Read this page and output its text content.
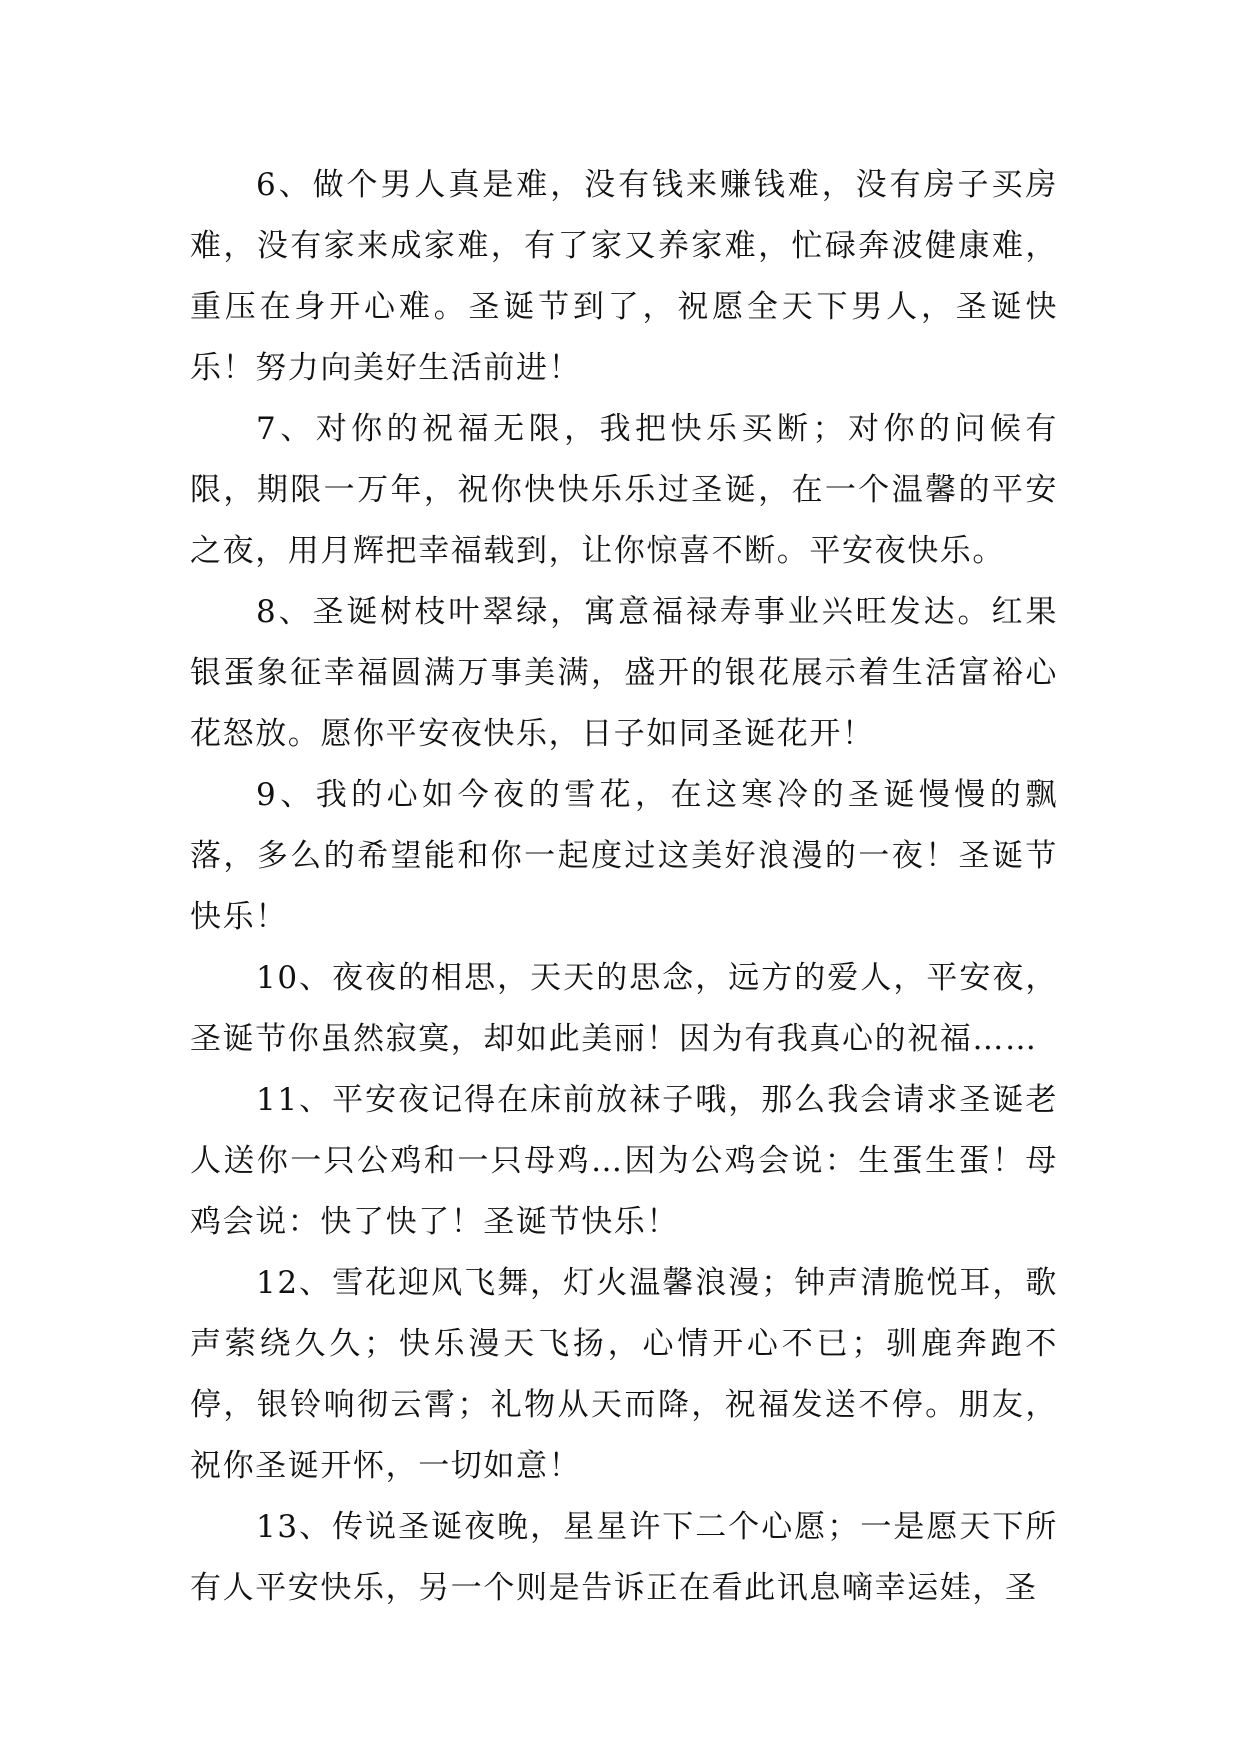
6、做个男人真是难，没有钱来赚钱难，没有房子买房难，没有家来成家难，有了家又养家难，忙碌奔波健康难，重压在身开心难。圣诞节到了，祝愿全天下男人，圣诞快乐！努力向美好生活前进！

7、对你的祝福无限，我把快乐买断；对你的问候有限，期限一万年，祝你快快乐乐过圣诞，在一个温馨的平安之夜，用月辉把幸福载到，让你惊喜不断。平安夜快乐。

8、圣诞树枝叶翠绿，寓意福禄寿事业兴旺发达。红果银蛋象征幸福圆满万事美满，盛开的银花展示着生活富裕心花怒放。愿你平安夜快乐，日子如同圣诞花开！

9、我的心如今夜的雪花，在这寒冷的圣诞慢慢的飘落，多么的希望能和你一起度过这美好浪漫的一夜！圣诞节快乐！

10、夜夜的相思，天天的思念，远方的爱人，平安夜，圣诞节你虽然寂寞，却如此美丽！因为有我真心的祝福……

11、平安夜记得在床前放袜子哦，那么我会请求圣诞老人送你一只公鸡和一只母鸡…因为公鸡会说：生蛋生蛋！母鸡会说：快了快了！圣诞节快乐！

12、雪花迎风飞舞，灯火温馨浪漫；钟声清脆悦耳，歌声萦绕久久；快乐漫天飞扬，心情开心不已；驯鹿奔跑不停，银铃响彻云霄；礼物从天而降，祝福发送不停。朋友，祝你圣诞开怀，一切如意！

13、传说圣诞夜晚，星星许下二个心愿；一是愿天下所有人平安快乐，另一个则是告诉正在看此讯息嘀幸运娃，圣
